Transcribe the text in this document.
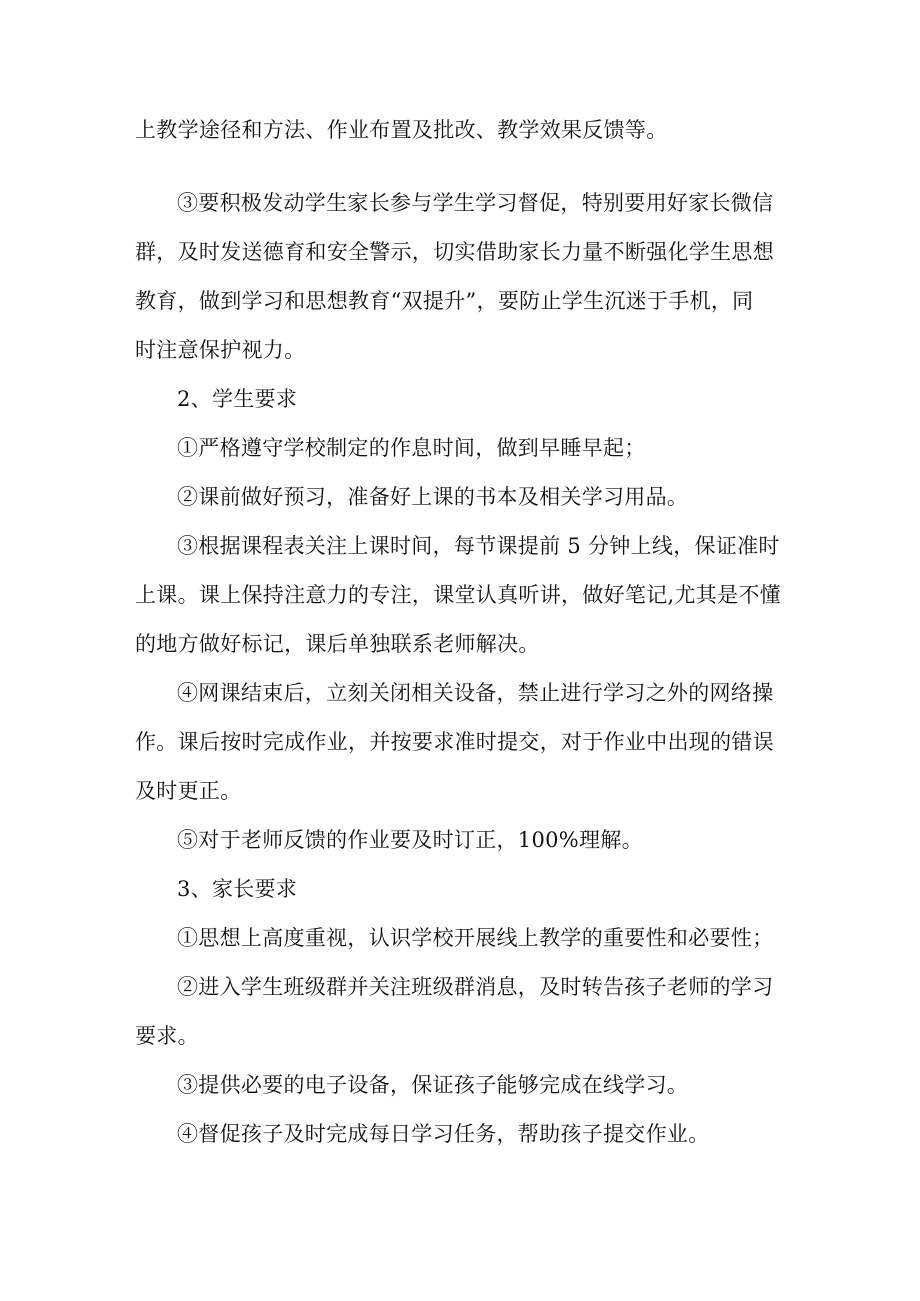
上教学途径和方法、作业布置及批改、教学效果反馈等。
③要积极发动学生家长参与学生学习督促，特别要用好家长微信
群，及时发送德育和安全警示，切实借助家长力量不断强化学生思想
教育，做到学习和思想教育“双提升”，要防止学生沉迷于手机，同
时注意保护视力。
2、学生要求
①严格遵守学校制定的作息时间，做到早睡早起；
②课前做好预习，准备好上课的书本及相关学习用品。
③根据课程表关注上课时间，每节课提前 5 分钟上线，保证准时
上课。课上保持注意力的专注，课堂认真听讲，做好笔记,尤其是不懂
的地方做好标记，课后单独联系老师解决。
④网课结束后，立刻关闭相关设备，禁止进行学习之外的网络操
作。课后按时完成作业，并按要求准时提交，对于作业中出现的错误
及时更正。
⑤对于老师反馈的作业要及时订正，100%理解。
3、家长要求
①思想上高度重视，认识学校开展线上教学的重要性和必要性；
②进入学生班级群并关注班级群消息，及时转告孩子老师的学习
要求。
③提供必要的电子设备，保证孩子能够完成在线学习。
④督促孩子及时完成每日学习任务，帮助孩子提交作业。
